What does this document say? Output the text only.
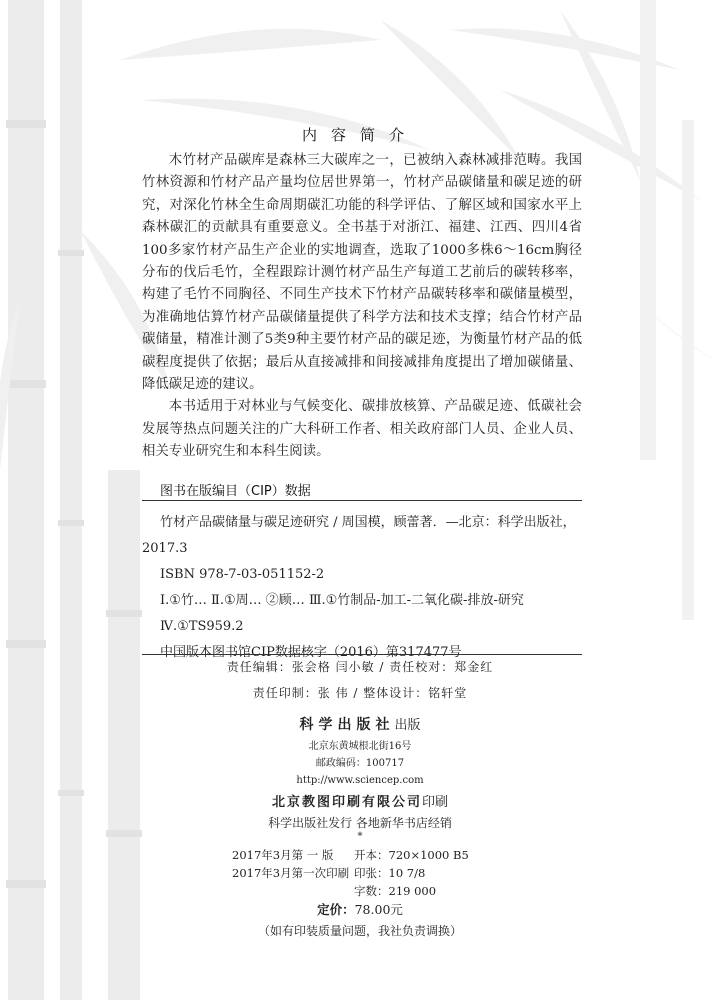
内容简介

木竹材产品碳库是森林三大碳库之一，已被纳入森林减排范畴。我国竹林资源和竹材产品产量均位居世界第一，竹材产品碳储量和碳足迹的研究，对深化竹林全生命周期碳汇功能的科学评估、了解区域和国家水平上森林碳汇的贡献具有重要意义。全书基于对浙江、福建、江西、四川4省100多家竹材产品生产企业的实地调查，选取了1000多株6～16cm胸径分布的伐后毛竹，全程跟踪计测竹材产品生产每道工艺前后的碳转移率，构建了毛竹不同胸径、不同生产技术下竹材产品碳转移率和碳储量模型，为准确地估算竹材产品碳储量提供了科学方法和技术支撑；结合竹材产品碳储量，精准计测了5类9种主要竹材产品的碳足迹，为衡量竹材产品的低碳程度提供了依据；最后从直接减排和间接减排角度提出了增加碳储量、降低碳足迹的建议。

本书适用于对林业与气候变化、碳排放核算、产品碳足迹、低碳社会发展等热点问题关注的广大科研工作者、相关政府部门人员、企业人员、相关专业研究生和本科生阅读。

图书在版编目（CIP）数据
竹材产品碳储量与碳足迹研究 / 周国模，顾蕾著．—北京：科学出版社，
2017.3
ISBN 978-7-03-051152-2
Ⅰ.①竹… Ⅱ.①周… ②顾… Ⅲ.①竹制品-加工-二氧化碳-排放-研究
Ⅳ.①TS959.2
中国版本图书馆CIP数据核字（2016）第317477号
责任编辑：张会格 闫小敏 / 责任校对：郑金红
责任印制：张 伟 / 整体设计：铭轩堂
科学出版社出版
北京东黄城根北街16号
邮政编码：100717
http://www.sciencep.com
北京教图印刷有限公司印刷
科学出版社发行 各地新华书店经销
*
2017年3月第 一 版	开本：720×1000 B5
2017年3月第一次印刷 印张：10 7/8
字数：219 000
定价：78.00元
（如有印装质量问题，我社负责调换）
